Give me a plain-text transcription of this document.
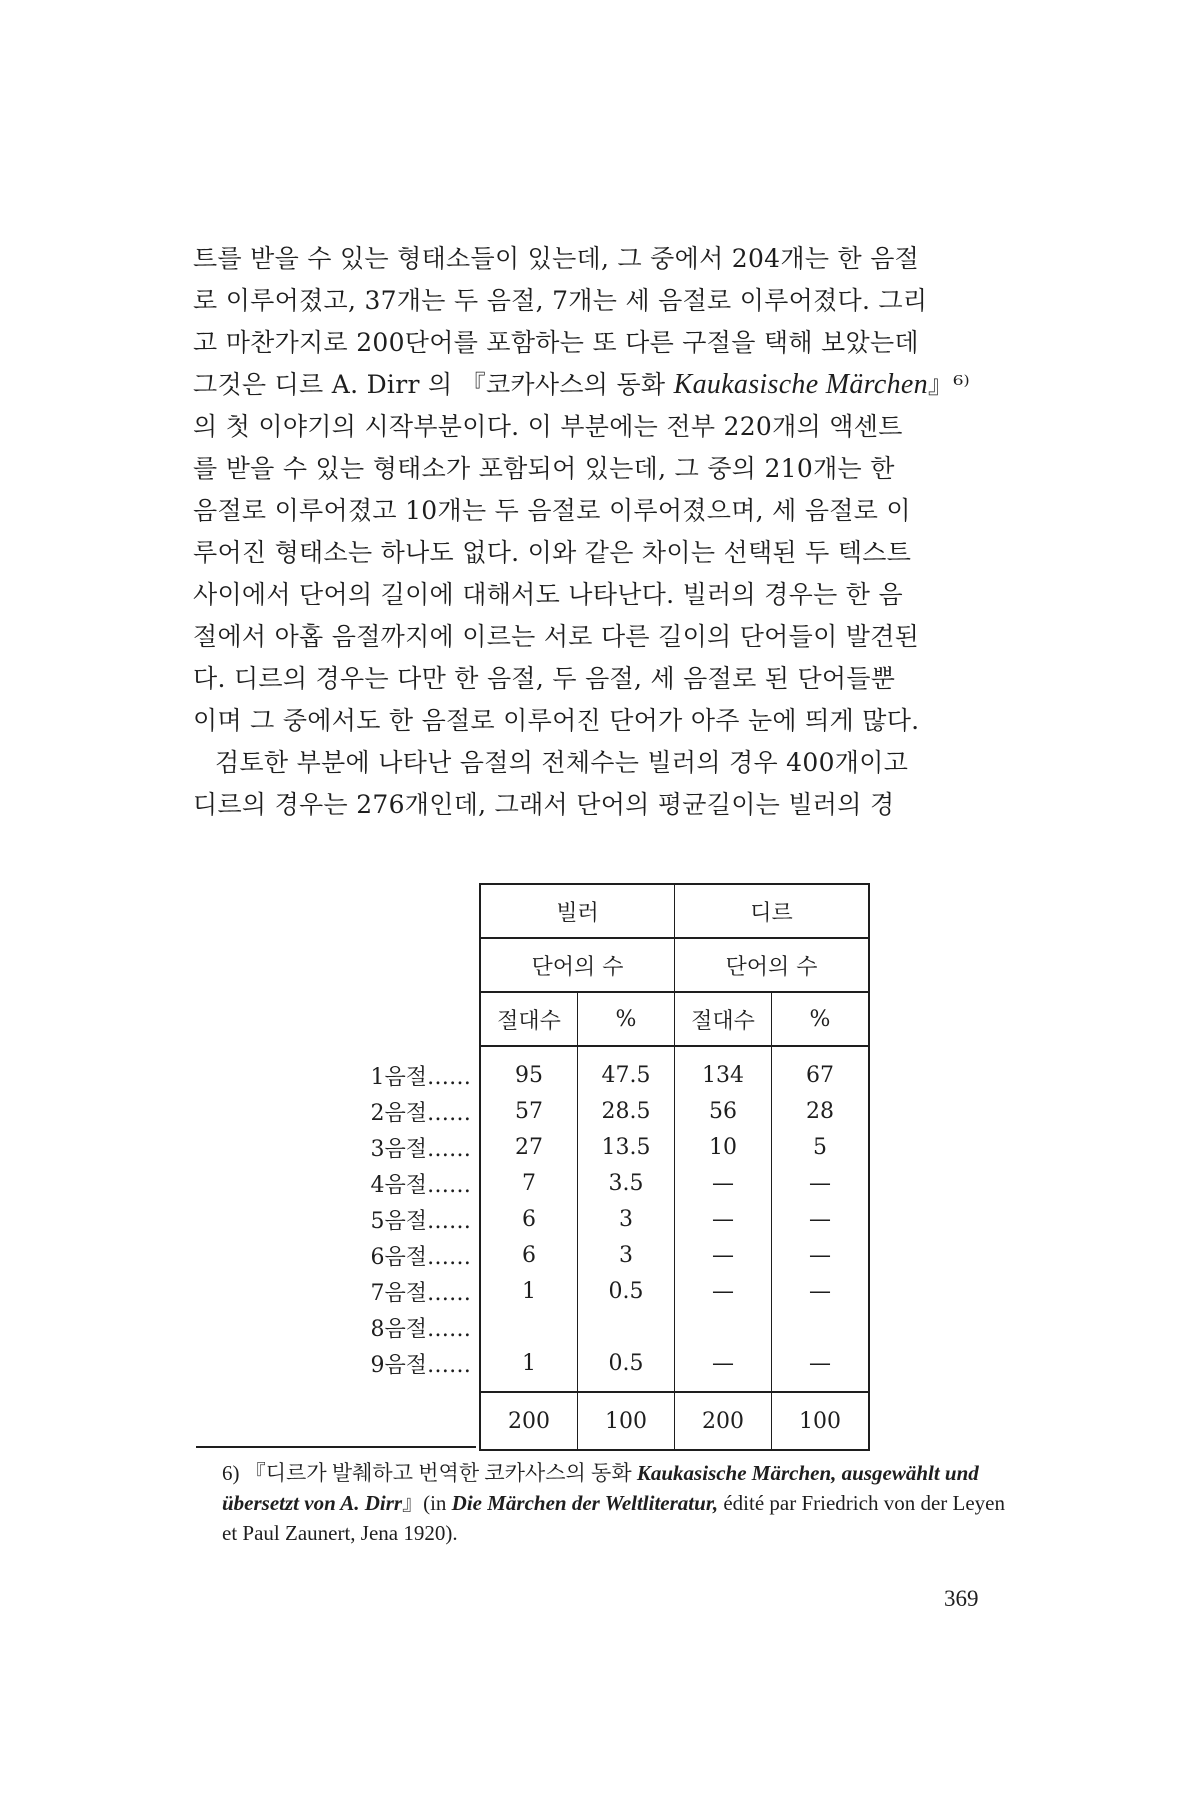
트를 받을 수 있는 형태소들이 있는데, 그 중에서 204개는 한 음절

로 이루어졌고, 37개는 두 음절, 7개는 세 음절로 이루어졌다. 그리

고 마찬가지로 200단어를 포함하는 또 다른 구절을 택해 보았는데

그것은 디르 A. Dirr 의 『코카사스의 동화 Kaukasische Märchen』⁶⁾

의 첫 이야기의 시작부분이다. 이 부분에는 전부 220개의 액센트

를 받을 수 있는 형태소가 포함되어 있는데, 그 중의 210개는 한

음절로 이루어졌고 10개는 두 음절로 이루어졌으며, 세 음절로 이

루어진 형태소는 하나도 없다. 이와 같은 차이는 선택된 두 텍스트

사이에서 단어의 길이에 대해서도 나타난다. 빌러의 경우는 한 음

절에서 아홉 음절까지에 이르는 서로 다른 길이의 단어들이 발견된

다. 디르의 경우는 다만 한 음절, 두 음절, 세 음절로 된 단어들뿐

이며 그 중에서도 한 음절로 이루어진 단어가 아주 눈에 띄게 많다.

검토한 부분에 나타난 음절의 전체수는 빌러의 경우 400개이고

디르의 경우는 276개인데, 그래서 단어의 평균길이는 빌러의 경

	빌러		디르	
	단어의 수		단어의 수	
	절대수	%	절대수	%

1음절……	95	47.5	134	67
2음절……	57	28.5	56	28
3음절……	27	13.5	10	5
4음절……	7	3.5	—	—
5음절……	6	3	—	—
6음절……	6	3	—	—
7음절……	1	0.5	—	—
8음절……				
9음절……	1	0.5	—	—

	200	100	200	100
6) 『디르가 발췌하고 번역한 코카사스의 동화 Kaukasische Märchen, ausgewählt und übersetzt von A. Dirr』(in Die Märchen der Weltliteratur, édité par Friedrich von der Leyen et Paul Zaunert, Jena 1920).
369
